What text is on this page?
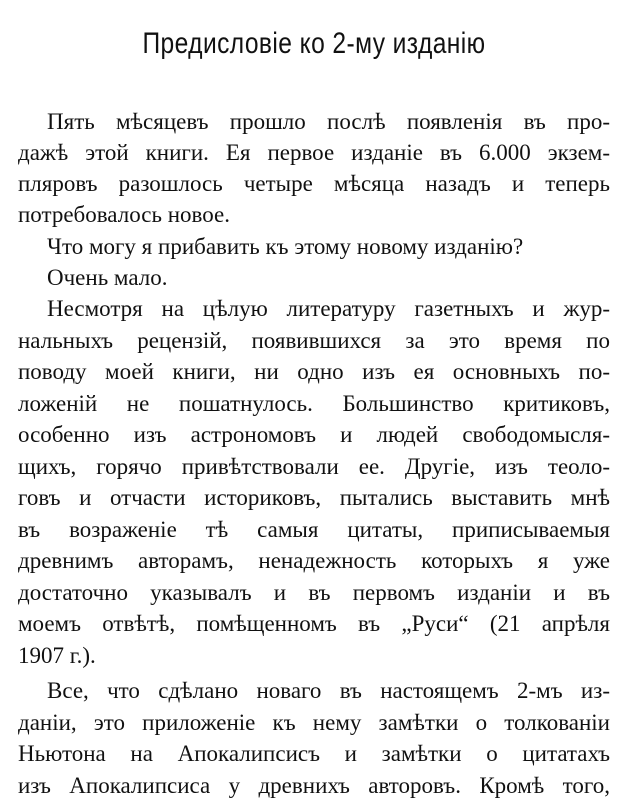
Предисловіе ко 2-му изданію
Пять мѣсяцевъ прошло послѣ появленія въ про-
дажѣ этой книги. Ея первое изданіе въ 6.000 экзем-
пляровъ разошлось четыре мѣсяца назадъ и теперь
потребовалось новое.
Что могу я прибавить къ этому новому изданію?
Очень мало.
Несмотря на цѣлую литературу газетныхъ и жур-
нальныхъ рецензій, появившихся за это время по
поводу моей книги, ни одно изъ ея основныхъ по-
ложеній не пошатнулось. Большинство критиковъ,
особенно изъ астрономовъ и людей свободомысля-
щихъ, горячо привѣтствовали ее. Другіе, изъ теоло-
говъ и отчасти историковъ, пытались выставить мнѣ
въ возраженіе тѣ самыя цитаты, приписываемыя
древнимъ авторамъ, ненадежность которыхъ я уже
достаточно указывалъ и въ первомъ изданіи и въ
моемъ отвѣтѣ, помѣщенномъ въ „Руси“ (21 апрѣля
1907 г.).
Все, что сдѣлано новаго въ настоящемъ 2-мъ из-
даніи, это приложеніе къ нему замѣтки о толкованіи
Ньютона на Апокалипсисъ и замѣтки о цитатахъ
изъ Апокалипсиса у древнихъ авторовъ. Кромѣ того,
